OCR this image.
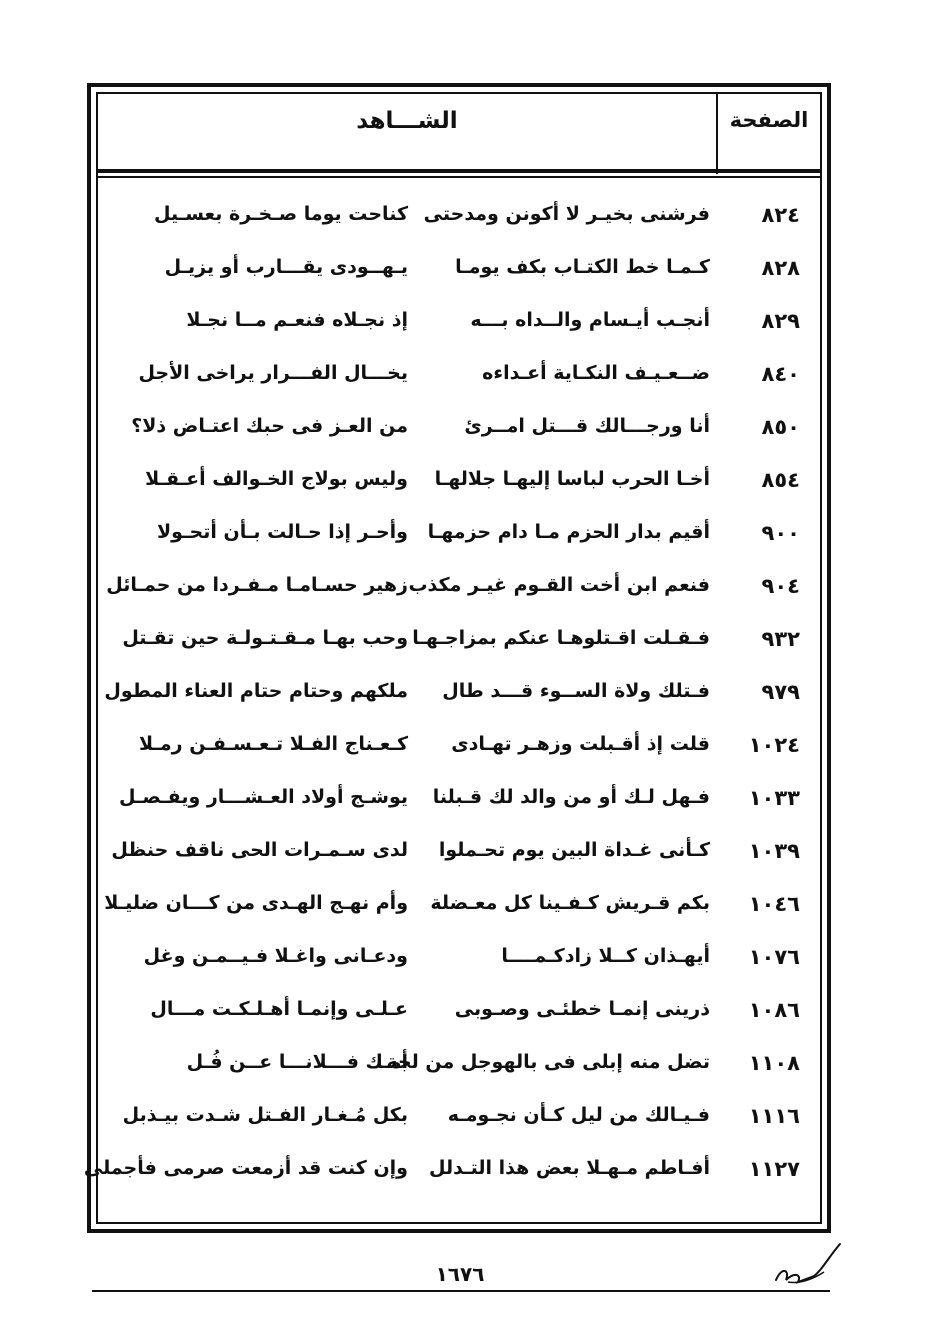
الصفحة
الشـــاهد
٨٢٤
فرشنى بخيـر لا أكونن ومدحتى
كناحت يوما صـخـرة بعسـيل
٨٢٨
كـمـا خط الكتـاب بكف يومـا
يـهــودى يقـــارب أو يزيـل
٨٢٩
أنجـب أيـسام والــداه بـــه
إذ نجـلاه فنعـم مــا نجـلا
٨٤٠
ضــعـيـف النكـاية أعـداءه
يخـــال الفـــرار يراخى الأجل
٨٥٠
أنا ورجـــالك قـــتل امــرئ
من العـز فى حبك اعتـاض ذلا؟
٨٥٤
أخـا الحرب لباسا إليهـا جلالهـا
وليس بولاج الخـوالف أعـقـلا
٩٠٠
أقيم بدار الحزم مـا دام حزمهـا
وأحـر إذا حـالت بـأن أتحـولا
٩٠٤
فنعم ابن أخت القـوم غيـر مكذب
زهير حسـامـا مـفـردا من حمـائل
٩٣٢
فـقـلت اقـتلوهـا عنكم بمزاجـهـا
وحب بهـا مـقـتـولـة حين تقـتل
٩٧٩
فـتلك ولاة الســوء قـــد طال
ملكهم وحتام حتام العناء المطول
١٠٢٤
قلت إذ أقـبلت وزهـر تهـادى
كـعـناج الفـلا تـعـسـفـن رمـلا
١٠٣٣
فـهل لـك أو من والد لك قـبلنا
يوشـج أولاد العـشـــار ويفـصـل
١٠٣٩
كـأنى غـداة البين يوم تحـملوا
لدى سـمـرات الحى ناقف حنظل
١٠٤٦
بكم قـريش كـفـينا كل معـضلة
وأم نهـج الهـدى من كـــان ضليـلا
١٠٧٦
أيهـذان كــلا زادكـمــــا
ودعـانى واغـلا فـيــمـن وغل
١٠٨٦
ذرينى إنمـا خطئـى وصـوبى
عـلـى وإنمـا أهـلـكـت مـــال
١١٠٨
تضل منه إبلى فى بالهوجل من لجة
أمـك فـــلانـــا عــن فُـل
١١١٦
فـيـالك من ليل كـأن نجـومـه
بكل مُـغـار الفـتل شـدت بيـذبل
١١٢٧
أفـاطم مـهـلا بعض هذا التـدلل
وإن كنت قد أزمعت صرمى فأجملى
١٦٧٦
